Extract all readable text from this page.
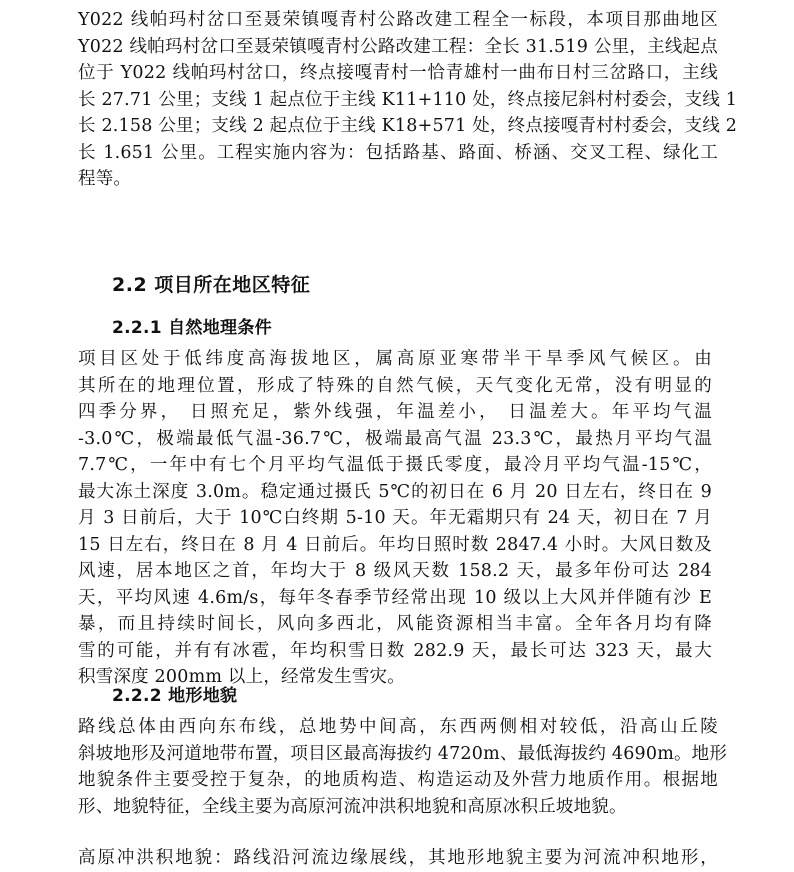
Y022 线帕玛村岔口至聂荣镇嘎青村公路改建工程全一标段，本项目那曲地区
Y022 线帕玛村岔口至聂荣镇嘎青村公路改建工程：全长 31.519 公里，主线起点
位于 Y022 线帕玛村岔口，终点接嘎青村一恰青雄村一曲布日村三岔路口，主线
长 27.71 公里；支线 1 起点位于主线 K11+110 处，终点接尼斜村村委会，支线 1
长 2.158 公里；支线 2 起点位于主线 K18+571 处，终点接嘎青村村委会，支线 2
长 1.651 公里。工程实施内容为：包括路基、路面、桥涵、交叉工程、绿化工
程等。
2.2 项目所在地区特征
2.2.1 自然地理条件
项目区处于低纬度高海拔地区，属高原亚寒带半干旱季风气候区。由
其所在的地理位置，形成了特殊的自然气候，天气变化无常，没有明显的
四季分界， 日照充足，紫外线强，年温差小， 日温差大。年平均气温
-3.0℃，极端最低气温-36.7℃，极端最高气温 23.3℃，最热月平均气温
7.7℃，一年中有七个月平均气温低于摄氏零度，最冷月平均气温-15℃，
最大冻土深度 3.0m。稳定通过摄氏 5℃的初日在 6 月 20 日左右，终日在 9
月 3 日前后，大于 10℃白终期 5-10 天。年无霜期只有 24 天，初日在 7 月
15 日左右，终日在 8 月 4 日前后。年均日照时数 2847.4 小时。大风日数及
风速，居本地区之首，年均大于 8 级风天数 158.2 天，最多年份可达 284
天，平均风速 4.6m/s，每年冬春季节经常出现 10 级以上大风并伴随有沙 E
暴，而且持续时间长，风向多西北，风能资源相当丰富。全年各月均有降
雪的可能，并有有冰雹，年均积雪日数 282.9 天，最长可达 323 天，最大
积雪深度 200mm 以上，经常发生雪灾。
2.2.2 地形地貌
路线总体由西向东布线，总地势中间高，东西两侧相对较低，沿高山丘陵
斜坡地形及河道地带布置，项目区最高海拔约 4720m、最低海拔约 4690m。地形
地貌条件主要受控于复杂，的地质构造、构造运动及外营力地质作用。根据地
形、地貌特征，全线主要为高原河流冲洪积地貌和高原冰积丘坡地貌。
高原冲洪积地貌：路线沿河流边缘展线，其地形地貌主要为河流冲积地形，
